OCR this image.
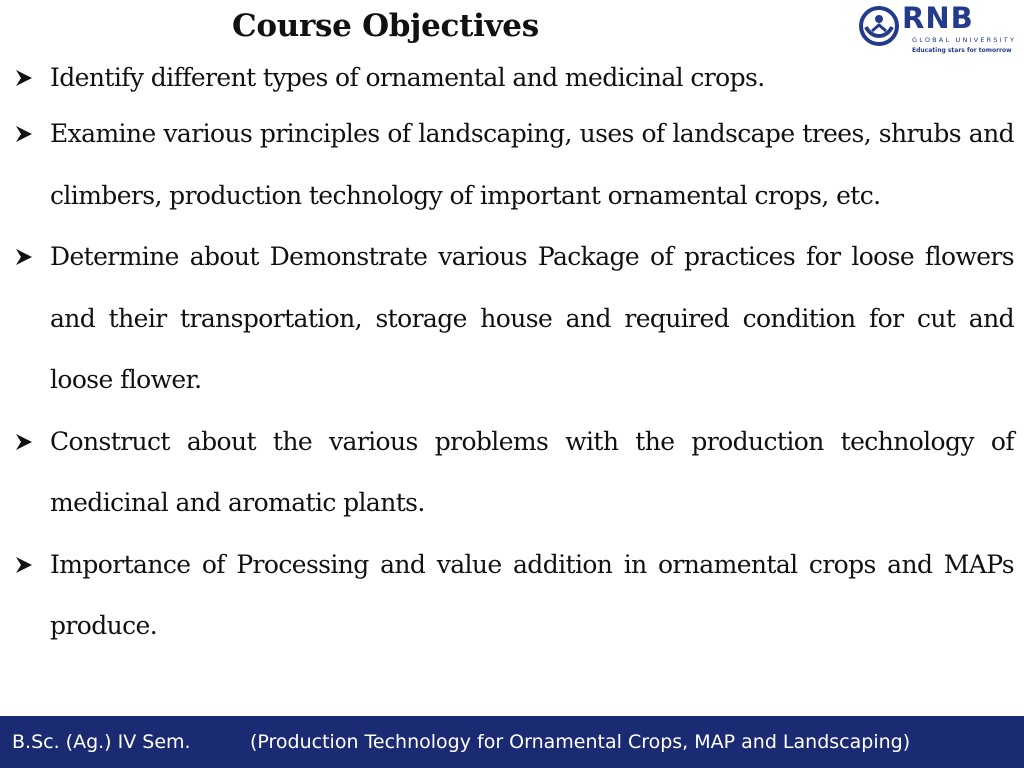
Course Objectives	RNB
GLOBAL UNIVERSITY
Educating stars for tomorrow
Identify different types of ornamental and medicinal crops.
Examine various principles of landscaping, uses of landscape trees, shrubs and climbers, production technology of important ornamental crops, etc.
Determine about Demonstrate various Package of practices for loose flowers and their transportation, storage house and required condition for cut and loose flower.
Construct about the various problems with the production technology of medicinal and aromatic plants.
Importance of Processing and value addition in ornamental crops and MAPs produce.
B.Sc. (Ag.) IV Sem.	(Production Technology for Ornamental Crops, MAP and Landscaping)
